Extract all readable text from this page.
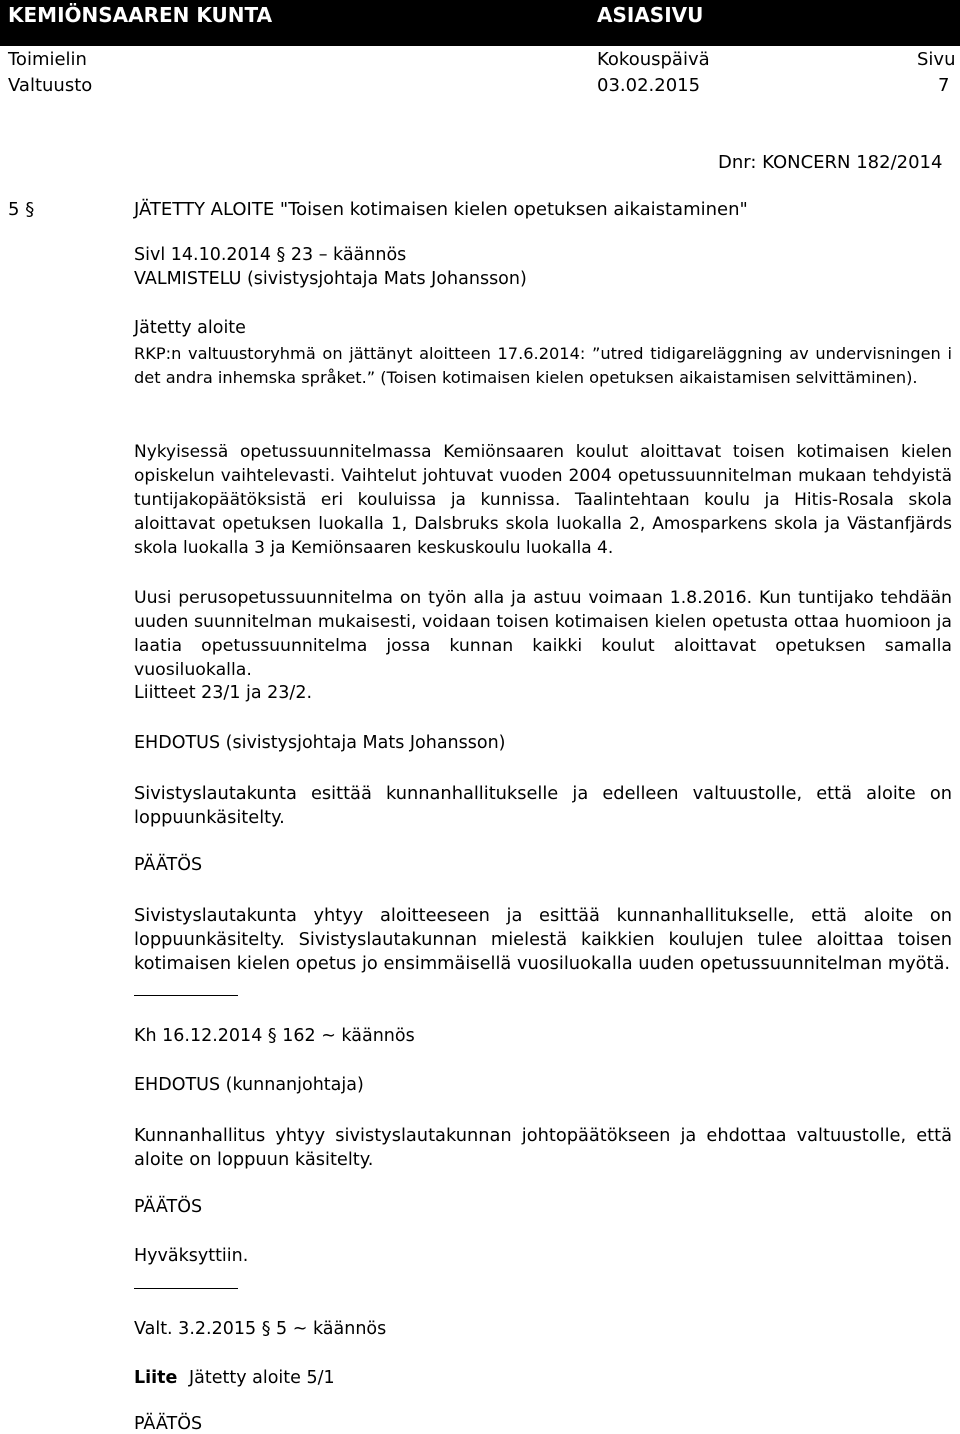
KEMIÖNSAAREN KUNTA	ASIASIVU
Toimielin
Valtuusto
Kokouspäivä
03.02.2015
Sivu
7
Dnr: KONCERN 182/2014
5 §	JÄTETTY ALOITE "Toisen kotimaisen kielen opetuksen aikaistaminen"
Sivl 14.10.2014 § 23 – käännös
VALMISTELU (sivistysjohtaja Mats Johansson)
Jätetty aloite
RKP:n valtuustoryhmä on jättänyt aloitteen 17.6.2014: ”utred tidigareläggning av undervisningen i det andra inhemska språket.” (Toisen kotimaisen kielen opetuksen aikaistamisen selvittäminen).
Nykyisessä opetussuunnitelmassa Kemiönsaaren koulut aloittavat toisen kotimaisen kielen opiskelun vaihtelevasti. Vaihtelut johtuvat vuoden 2004 opetussuunnitelman mukaan tehdyistä tuntijakopäätöksistä eri kouluissa ja kunnissa. Taalintehtaan koulu ja Hitis-Rosala skola aloittavat opetuksen luokalla 1, Dalsbruks skola luokalla 2, Amosparkens skola ja Västanfjärds skola luokalla 3 ja Kemiönsaaren keskuskoulu luokalla 4.
Uusi perusopetussuunnitelma on työn alla ja astuu voimaan 1.8.2016. Kun tuntijako tehdään uuden suunnitelman mukaisesti, voidaan toisen kotimaisen kielen opetusta ottaa huomioon ja laatia opetussuunnitelma jossa kunnan kaikki koulut aloittavat opetuksen samalla vuosiluokalla.
Liitteet 23/1 ja 23/2.
EHDOTUS (sivistysjohtaja Mats Johansson)
Sivistyslautakunta esittää kunnanhallitukselle ja edelleen valtuustolle, että aloite on loppuunkäsitelty.
PÄÄTÖS
Sivistyslautakunta yhtyy aloitteeseen ja esittää kunnanhallitukselle, että aloite on loppuunkäsitelty. Sivistyslautakunnan mielestä kaikkien koulujen tulee aloittaa toisen kotimaisen kielen opetus jo ensimmäisellä vuosiluokalla uuden opetussuunnitelman myötä.
Kh 16.12.2014 § 162 ~ käännös
EHDOTUS (kunnanjohtaja)
Kunnanhallitus yhtyy sivistyslautakunnan johtopäätökseen ja ehdottaa valtuustolle, että aloite on loppuun käsitelty.
PÄÄTÖS
Hyväksyttiin.
Valt. 3.2.2015 § 5 ~ käännös
Liite Jätetty aloite 5/1
PÄÄTÖS
